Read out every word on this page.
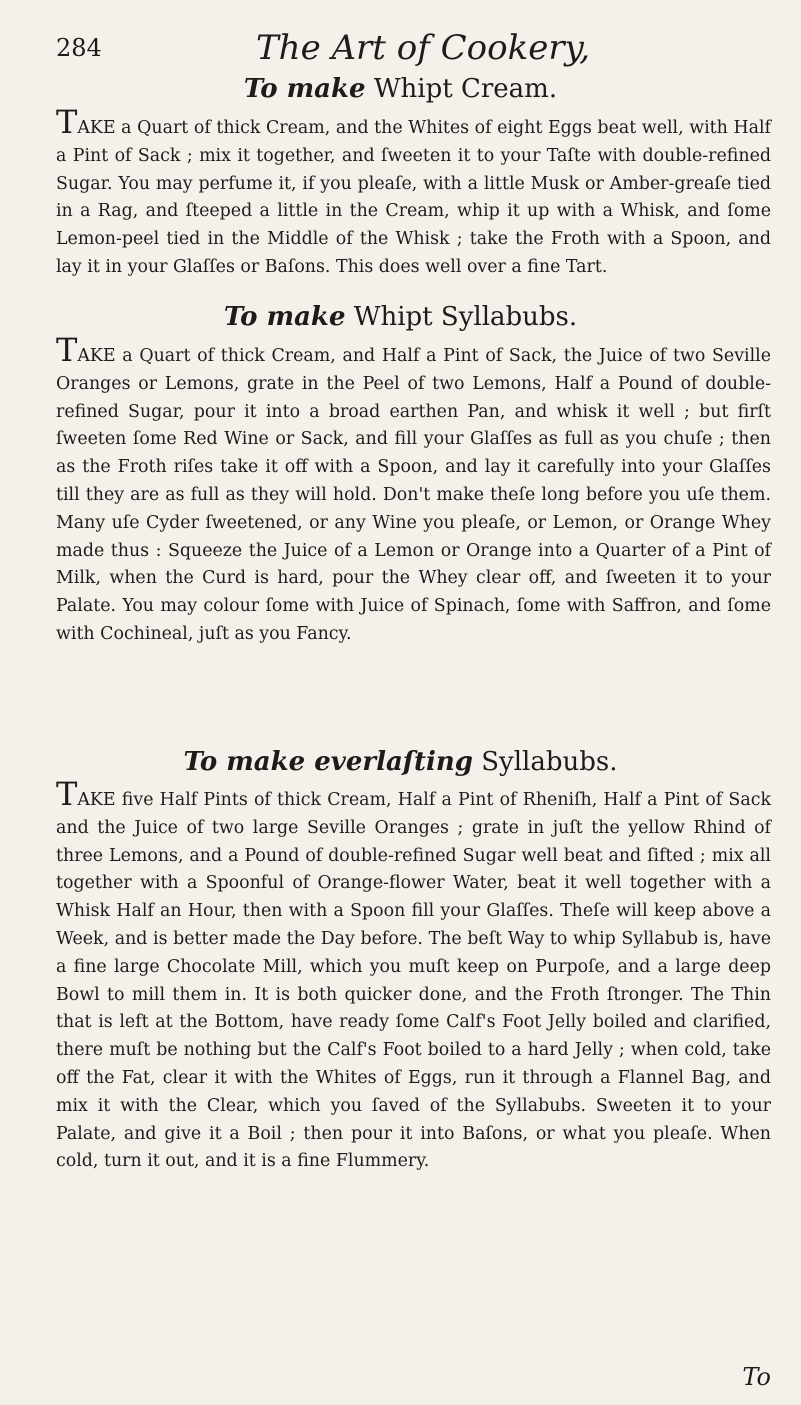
284	The Art of Cookery,
To make Whipt Cream.
TAKE a Quart of thick Cream, and the Whites of eight Eggs beat well, with Half a Pint of Sack ; mix it together, and ſweeten it to your Taſte with double-refined Sugar. You may perfume it, if you pleaſe, with a little Musk or Amber-greaſe tied in a Rag, and ſteeped a little in the Cream, whip it up with a Whisk, and ſome Lemon-peel tied in the Middle of the Whisk ; take the Froth with a Spoon, and lay it in your Glaſſes or Baſons. This does well over a fine Tart.
To make Whipt Syllabubs.
TAKE a Quart of thick Cream, and Half a Pint of Sack, the Juice of two Seville Oranges or Lemons, grate in the Peel of two Lemons, Half a Pound of double-refined Sugar, pour it into a broad earthen Pan, and whisk it well ; but firſt ſweeten ſome Red Wine or Sack, and fill your Glaſſes as full as you chuſe ; then as the Froth riſes take it off with a Spoon, and lay it carefully into your Glaſſes till they are as full as they will hold. Don't make theſe long before you uſe them. Many uſe Cyder ſweetened, or any Wine you pleaſe, or Lemon, or Orange Whey made thus : Squeeze the Juice of a Lemon or Orange into a Quarter of a Pint of Milk, when the Curd is hard, pour the Whey clear off, and ſweeten it to your Palate. You may colour ſome with Juice of Spinach, ſome with Saffron, and ſome with Cochineal, juſt as you Fancy.
To make everlaſting Syllabubs.
TAKE five Half Pints of thick Cream, Half a Pint of Rheniſh, Half a Pint of Sack and the Juice of two large Seville Oranges ; grate in juſt the yellow Rhind of three Lemons, and a Pound of double-refined Sugar well beat and ſifted ; mix all together with a Spoonful of Orange-flower Water, beat it well together with a Whisk Half an Hour, then with a Spoon fill your Glaſſes. Theſe will keep above a Week, and is better made the Day before. The beſt Way to whip Syllabub is, have a fine large Chocolate Mill, which you muſt keep on Purpoſe, and a large deep Bowl to mill them in. It is both quicker done, and the Froth ſtronger. The Thin that is left at the Bottom, have ready ſome Calf's Foot Jelly boiled and clarified, there muſt be nothing but the Calf's Foot boiled to a hard Jelly ; when cold, take off the Fat, clear it with the Whites of Eggs, run it through a Flannel Bag, and mix it with the Clear, which you ſaved of the Syllabubs. Sweeten it to your Palate, and give it a Boil ; then pour it into Baſons, or what you pleaſe. When cold, turn it out, and it is a fine Flummery.
To
